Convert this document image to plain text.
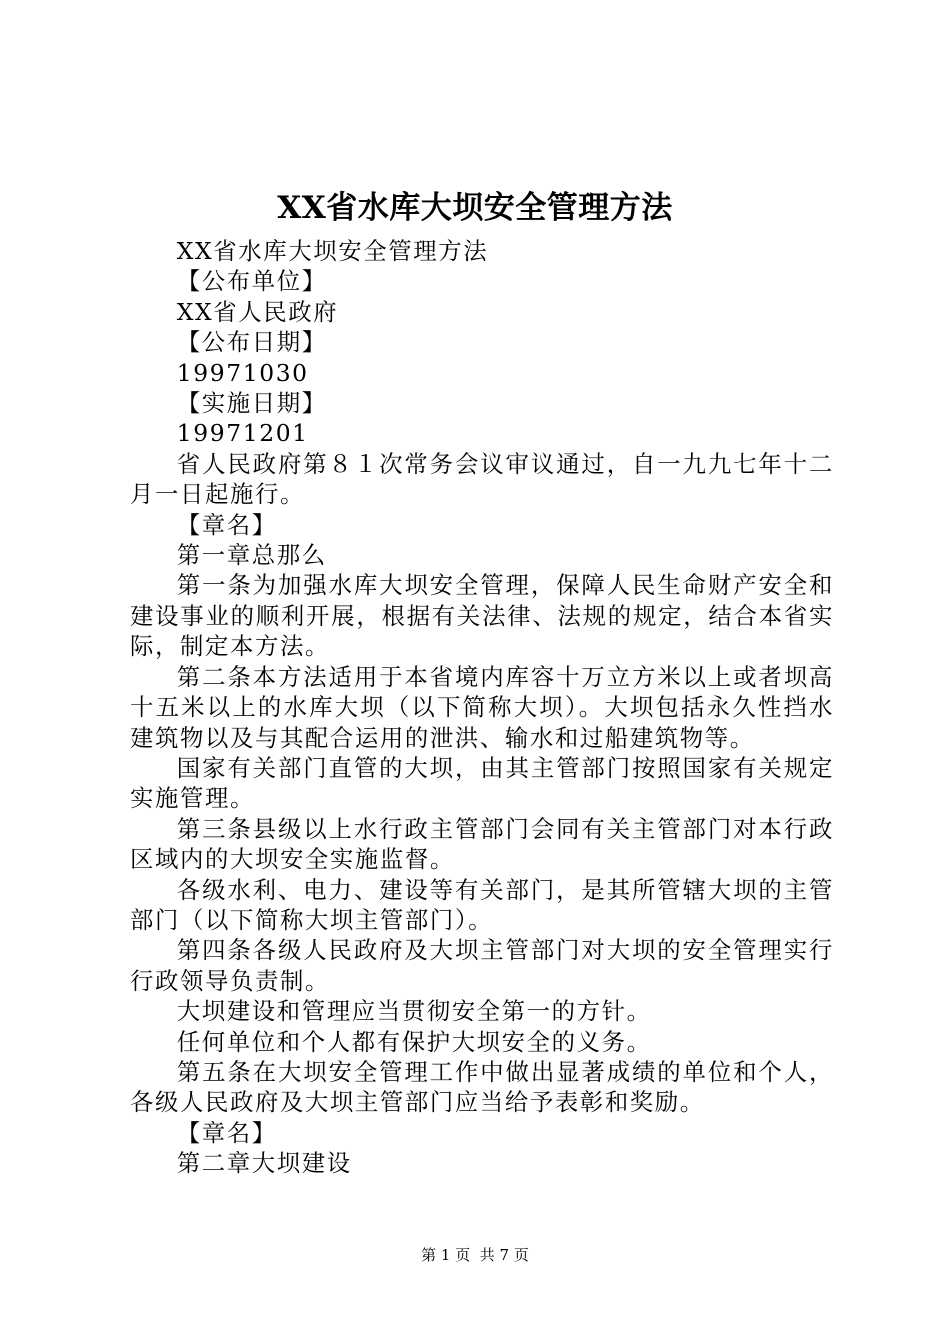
XX省水库大坝安全管理方法

XX省水库大坝安全管理方法

【公布单位】

XX省人民政府

【公布日期】

19971030

【实施日期】

19971201

省人民政府第８１次常务会议审议通过，自一九九七年十二月一日起施行。

【章名】

第一章总那么

第一条为加强水库大坝安全管理，保障人民生命财产安全和建设事业的顺利开展，根据有关法律、法规的规定，结合本省实际，制定本方法。

第二条本方法适用于本省境内库容十万立方米以上或者坝高十五米以上的水库大坝（以下简称大坝）。大坝包括永久性挡水建筑物以及与其配合运用的泄洪、输水和过船建筑物等。

国家有关部门直管的大坝，由其主管部门按照国家有关规定实施管理。

第三条县级以上水行政主管部门会同有关主管部门对本行政区域内的大坝安全实施监督。

各级水利、电力、建设等有关部门，是其所管辖大坝的主管部门（以下简称大坝主管部门）。

第四条各级人民政府及大坝主管部门对大坝的安全管理实行行政领导负责制。

大坝建设和管理应当贯彻安全第一的方针。

任何单位和个人都有保护大坝安全的义务。

第五条在大坝安全管理工作中做出显著成绩的单位和个人，各级人民政府及大坝主管部门应当给予表彰和奖励。

【章名】

第二章大坝建设

第 1 页 共 7 页
